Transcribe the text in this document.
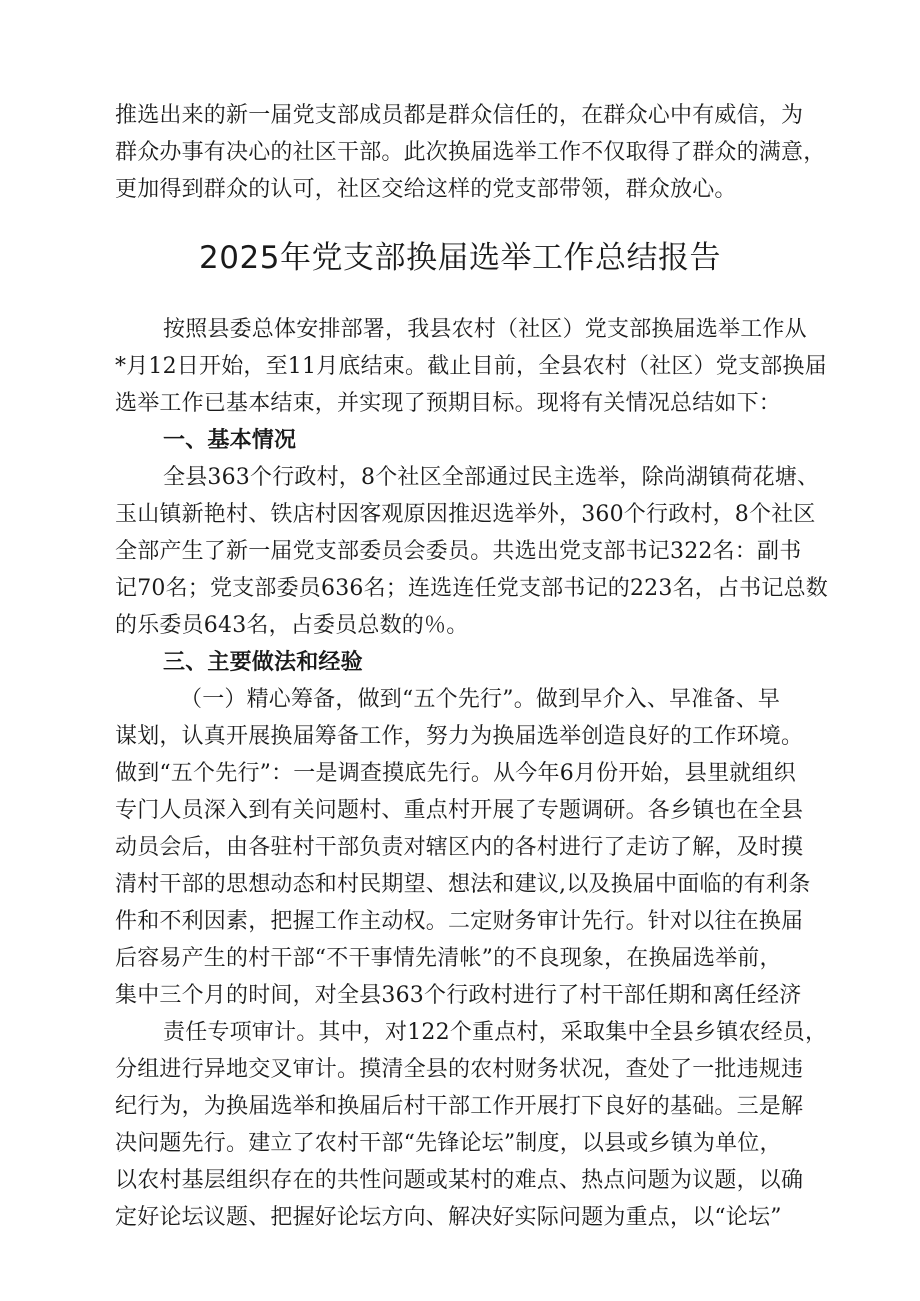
推选出来的新一届党支部成员都是群众信任的，在群众心中有威信，为
群众办事有决心的社区干部。此次换届选举工作不仅取得了群众的满意，
更加得到群众的认可，社区交给这样的党支部带领，群众放心。
2025年党支部换届选举工作总结报告
按照县委总体安排部署，我县农村（社区）党支部换届选举工作从
*月12日开始，至11月底结束。截止目前，全县农村（社区）党支部换届
选举工作已基本结束，并实现了预期目标。现将有关情况总结如下：
一、基本情况
全县363个行政村，8个社区全部通过民主选举，除尚湖镇荷花塘、
玉山镇新艳村、铁店村因客观原因推迟选举外，360个行政村，8个社区
全部产生了新一届党支部委员会委员。共选出党支部书记322名：副书
记70名；党支部委员636名；连选连任党支部书记的223名，占书记总数
的乐委员643名，占委员总数的％。
三、主要做法和经验
（一）精心筹备，做到“五个先行”。做到早介入、早准备、早
谋划，认真开展换届筹备工作，努力为换届选举创造良好的工作环境。
做到“五个先行”：一是调查摸底先行。从今年6月份开始，县里就组织
专门人员深入到有关问题村、重点村开展了专题调研。各乡镇也在全县
动员会后，由各驻村干部负责对辖区内的各村进行了走访了解，及时摸
清村干部的思想动态和村民期望、想法和建议,以及换届中面临的有利条
件和不利因素，把握工作主动权。二定财务审计先行。针对以往在换届
后容易产生的村干部“不干事情先清帐”的不良现象，在换届选举前，
集中三个月的时间，对全县363个行政村进行了村干部任期和离任经济
责任专项审计。其中，对122个重点村，采取集中全县乡镇农经员，
分组进行异地交叉审计。摸清全县的农村财务状况，查处了一批违规违
纪行为，为换届选举和换届后村干部工作开展打下良好的基础。三是解
决问题先行。建立了农村干部“先锋论坛”制度，以县或乡镇为单位，
以农村基层组织存在的共性问题或某村的难点、热点问题为议题，以确
定好论坛议题、把握好论坛方向、解决好实际问题为重点，以“论坛”
